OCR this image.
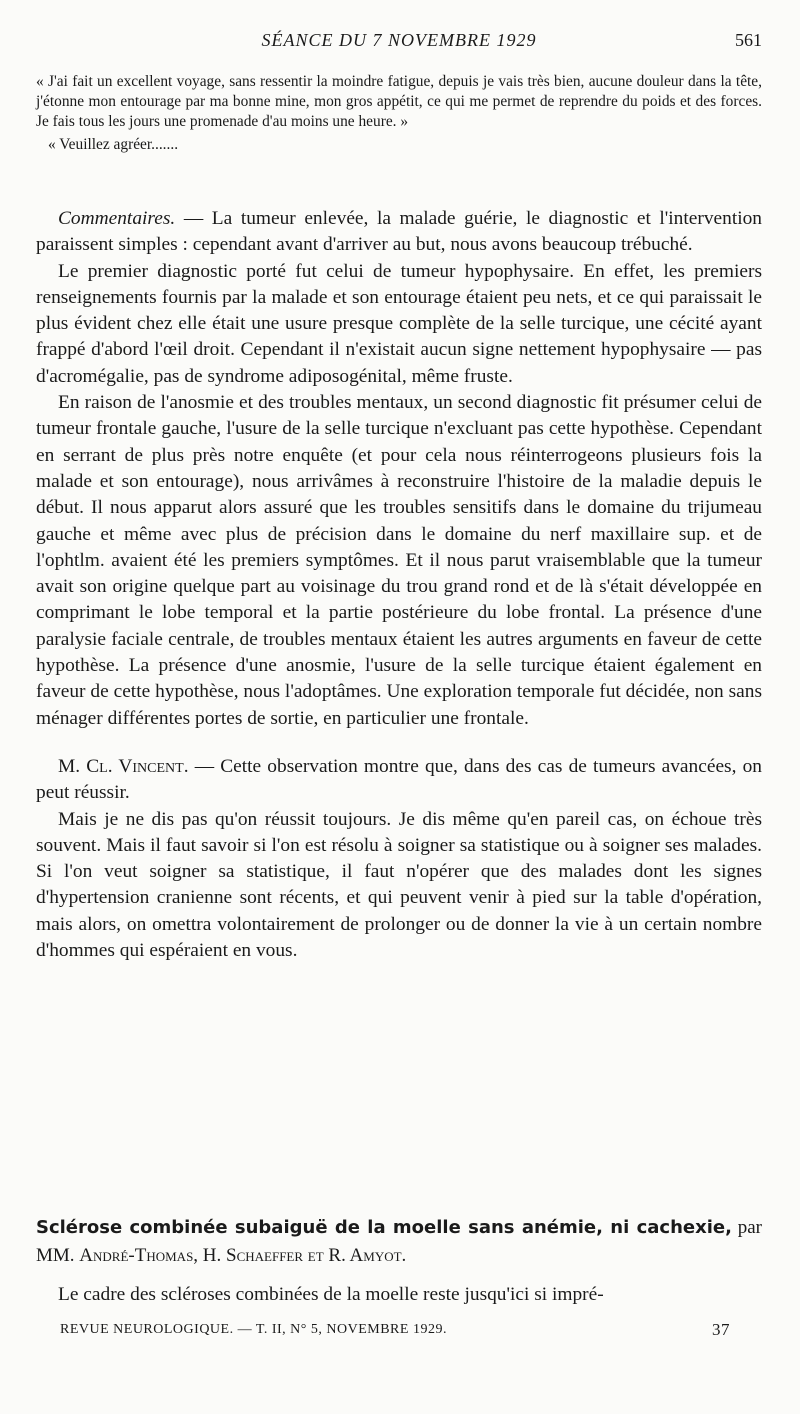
SÉANCE DU 7 NOVEMBRE 1929	561

« J'ai fait un excellent voyage, sans ressentir la moindre fatigue, depuis je vais très bien, aucune douleur dans la tête, j'étonne mon entourage par ma bonne mine, mon gros appétit, ce qui me permet de reprendre du poids et des forces. Je fais tous les jours une promenade d'au moins une heure. »

« Veuillez agréer.......

Commentaires. — La tumeur enlevée, la malade guérie, le diagnostic et l'intervention paraissent simples : cependant avant d'arriver au but, nous avons beaucoup trébuché.

Le premier diagnostic porté fut celui de tumeur hypophysaire. En effet, les premiers renseignements fournis par la malade et son entourage étaient peu nets, et ce qui paraissait le plus évident chez elle était une usure presque complète de la selle turcique, une cécité ayant frappé d'abord l'œil droit. Cependant il n'existait aucun signe nettement hypophysaire — pas d'acromégalie, pas de syndrome adiposogénital, même fruste.

En raison de l'anosmie et des troubles mentaux, un second diagnostic fit présumer celui de tumeur frontale gauche, l'usure de la selle turcique n'excluant pas cette hypothèse. Cependant en serrant de plus près notre enquête (et pour cela nous réinterrogeons plusieurs fois la malade et son entourage), nous arrivâmes à reconstruire l'histoire de la maladie depuis le début. Il nous apparut alors assuré que les troubles sensitifs dans le domaine du trijumeau gauche et même avec plus de précision dans le domaine du nerf maxillaire sup. et de l'ophtlm. avaient été les premiers symptômes. Et il nous parut vraisemblable que la tumeur avait son origine quelque part au voisinage du trou grand rond et de là s'était développée en comprimant le lobe temporal et la partie postérieure du lobe frontal. La présence d'une paralysie faciale centrale, de troubles mentaux étaient les autres arguments en faveur de cette hypothèse. La présence d'une anosmie, l'usure de la selle turcique étaient également en faveur de cette hypothèse, nous l'adoptâmes. Une exploration temporale fut décidée, non sans ménager différentes portes de sortie, en particulier une frontale.

M. Cl. Vincent. — Cette observation montre que, dans des cas de tumeurs avancées, on peut réussir.

Mais je ne dis pas qu'on réussit toujours. Je dis même qu'en pareil cas, on échoue très souvent. Mais il faut savoir si l'on est résolu à soigner sa statistique ou à soigner ses malades. Si l'on veut soigner sa statistique, il faut n'opérer que des malades dont les signes d'hypertension cranienne sont récents, et qui peuvent venir à pied sur la table d'opération, mais alors, on omettra volontairement de prolonger ou de donner la vie à un certain nombre d'hommes qui espéraient en vous.

Sclérose combinée subaiguë de la moelle sans anémie, ni cachexie, par MM. André-Thomas, H. Schaeffer et R. Amyot.
Le cadre des scléroses combinées de la moelle reste jusqu'ici si impré-
REVUE NEUROLOGIQUE. — T. II, N° 5, NOVEMBRE 1929.	37
